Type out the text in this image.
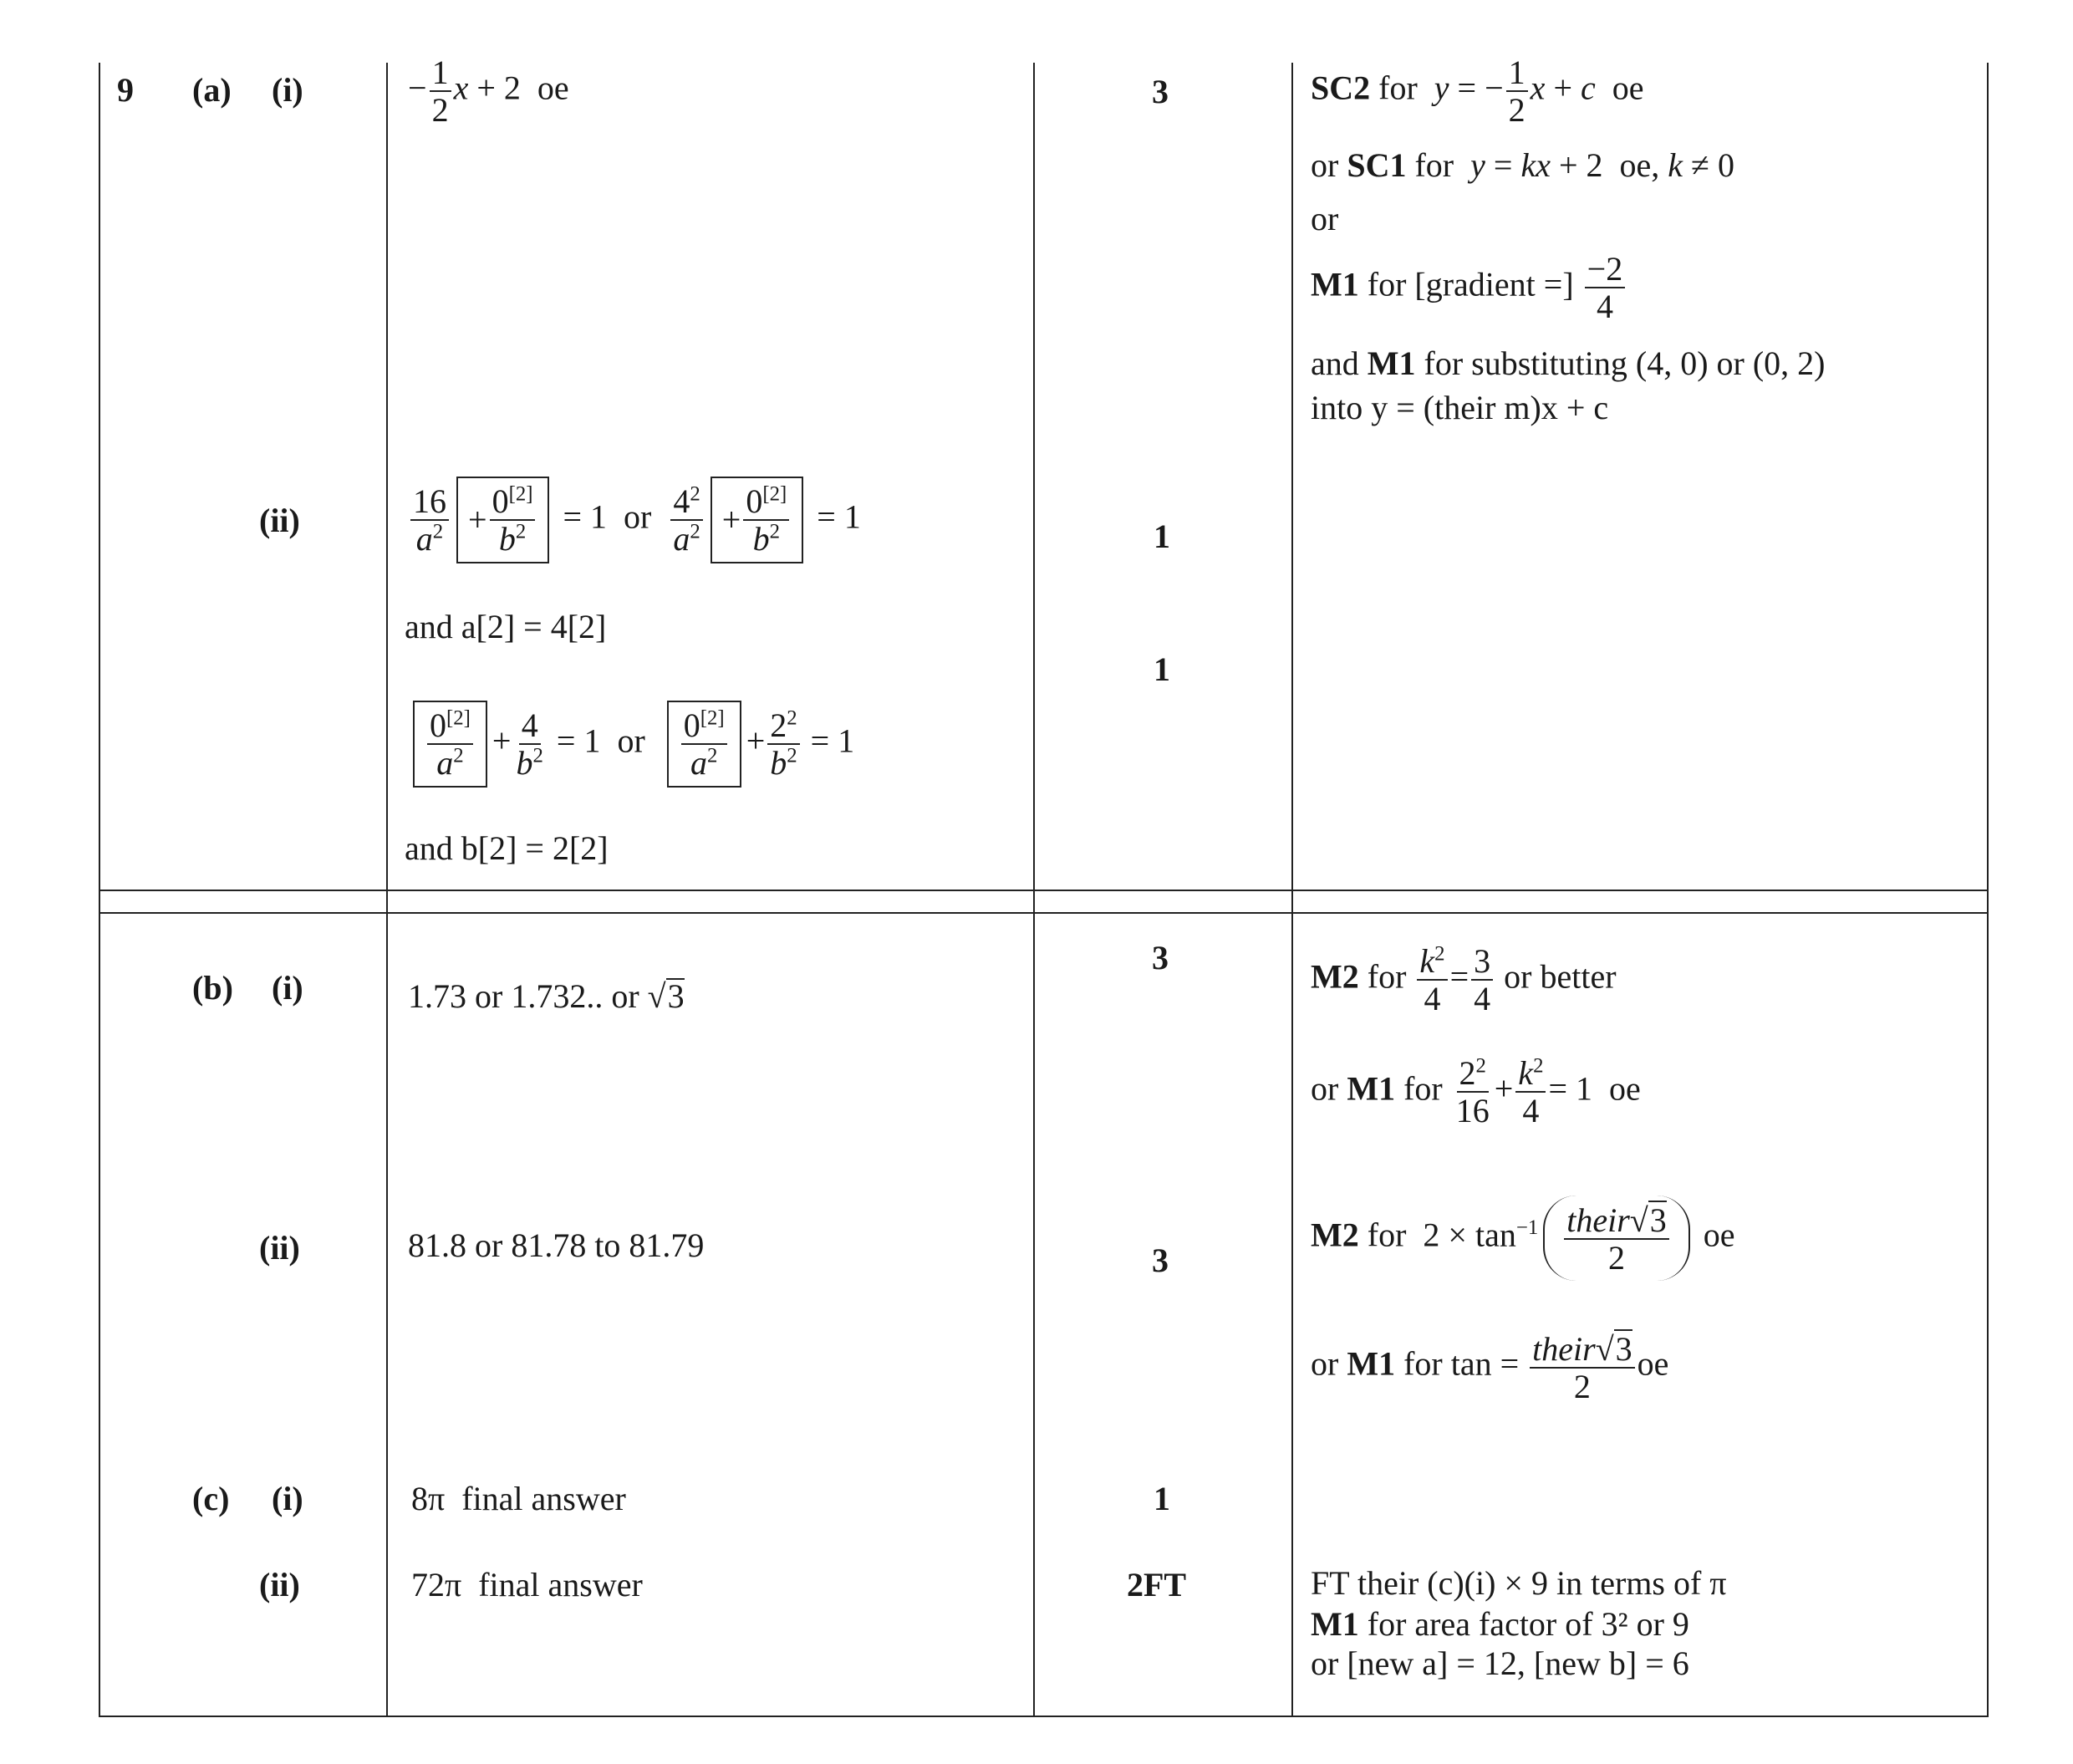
9 (a) (i)
(ii)
(b) (i)
(ii)
(c) (i)
(ii)
− $\frac{1}{2}$ x + 2  oe
$\frac{16}{a^2} + 0[2]$
$b^2 = 1$  or $\frac{4^2}{a^2} + 0[2]$
$b^2 = 1$
and a[2] = 4[2]
0[2]
$a^2 + \frac{4}{b^2} = 1$  or 0[2]
$a^2 + \frac{2^2}{b^2} = 1$
and b[2] = 2[2]
1.73 or 1.732.. or √3
81.8 or 81.78 to 81.79
8π  final answer
72π  final answer
3
1
1
3
3
1
2FT
SC2 for  y = − $\frac{1}{2}$ x + c  oe
or SC1 for  y = kx + 2  oe, k ≠ 0
or
M1 for [gradient =] $\frac{-2}{4}$
and M1 for substituting (4, 0) or (0, 2)
into y = (their m)x + c
M2 for $\frac{k^2}{4} = \frac{3}{4}$ or better
or M1 for $\frac{2^2}{16} + \frac{k^2}{4} = 1$  oe
M2 for  $2 \times \tan^{-1}$ their√3
2
oe
or M1 for tan = their√3
2
oe
FT their (c)(i) × 9 in terms of π
M1 for area factor of 3² or 9
or [new a] = 12, [new b] = 6
